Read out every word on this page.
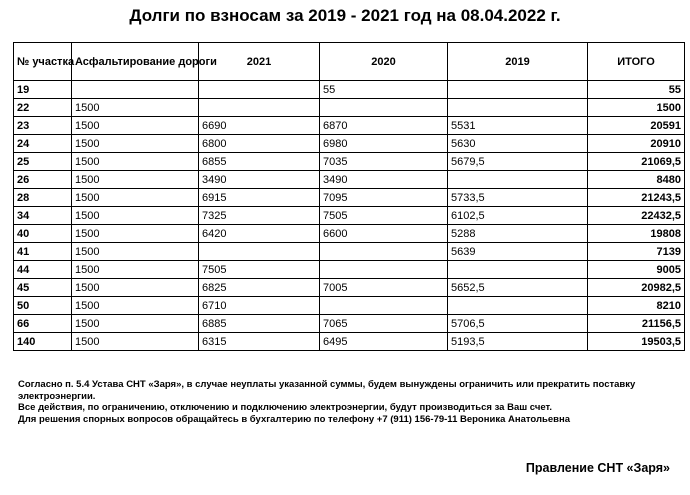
Долги по взносам за 2019 - 2021 год на 08.04.2022 г.
№ участка	Асфальтирование дороги	2021	2020	2019	ИТОГО
19			55		55
22	1500				1500
23	1500	6690	6870	5531	20591
24	1500	6800	6980	5630	20910
25	1500	6855	7035	5679,5	21069,5
26	1500	3490	3490		8480
28	1500	6915	7095	5733,5	21243,5
34	1500	7325	7505	6102,5	22432,5
40	1500	6420	6600	5288	19808
41	1500			5639	7139
44	1500	7505			9005
45	1500	6825	7005	5652,5	20982,5
50	1500	6710			8210
66	1500	6885	7065	5706,5	21156,5
140	1500	6315	6495	5193,5	19503,5

Согласно п. 5.4 Устава СНТ «Заря», в случае неуплаты указанной суммы, будем вынуждены ограничить или прекратить поставку электроэнергии.

Все действия, по ограничению, отключению и подключению электроэнергии, будут производиться за Ваш счет.

Для решения спорных вопросов обращайтесь в бухгалтерию по телефону +7 (911) 156-79-11 Вероника Анатольевна

Правление СНТ «Заря»
